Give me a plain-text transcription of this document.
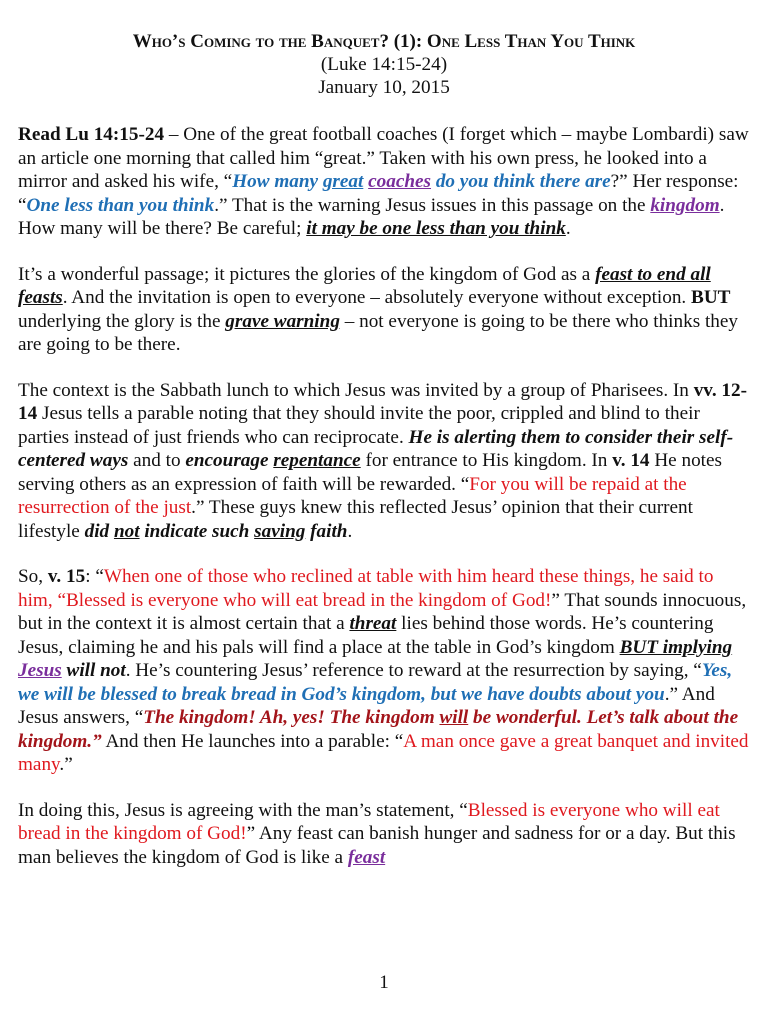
Who’s Coming to the Banquet? (1): One Less Than You Think

(Luke 14:15-24)

January 10, 2015

Read Lu 14:15-24 – One of the great football coaches (I forget which – maybe Lombardi) saw an article one morning that called him “great.” Taken with his own press, he looked into a mirror and asked his wife, “How many great coaches do you think there are?” Her response: “One less than you think.” That is the warning Jesus issues in this passage on the kingdom. How many will be there? Be careful; it may be one less than you think.

It’s a wonderful passage; it pictures the glories of the kingdom of God as a feast to end all feasts. And the invitation is open to everyone – absolutely everyone without exception. BUT underlying the glory is the grave warning – not everyone is going to be there who thinks they are going to be there.

The context is the Sabbath lunch to which Jesus was invited by a group of Pharisees. In vv. 12-14 Jesus tells a parable noting that they should invite the poor, crippled and blind to their parties instead of just friends who can reciprocate. He is alerting them to consider their self-centered ways and to encourage repentance for entrance to His kingdom. In v. 14 He notes serving others as an expression of faith will be rewarded. “For you will be repaid at the resurrection of the just.” These guys knew this reflected Jesus’ opinion that their current lifestyle did not indicate such saving faith.

So, v. 15: “When one of those who reclined at table with him heard these things, he said to him, “Blessed is everyone who will eat bread in the kingdom of God!” That sounds innocuous, but in the context it is almost certain that a threat lies behind those words. He’s countering Jesus, claiming he and his pals will find a place at the table in God’s kingdom BUT implying Jesus will not. He’s countering Jesus’ reference to reward at the resurrection by saying, “Yes, we will be blessed to break bread in God’s kingdom, but we have doubts about you.” And Jesus answers, “The kingdom! Ah, yes! The kingdom will be wonderful. Let’s talk about the kingdom.” And then He launches into a parable: “A man once gave a great banquet and invited many.”

In doing this, Jesus is agreeing with the man’s statement, “Blessed is everyone who will eat bread in the kingdom of God!” Any feast can banish hunger and sadness for or a day. But this man believes the kingdom of God is like a feast

1
